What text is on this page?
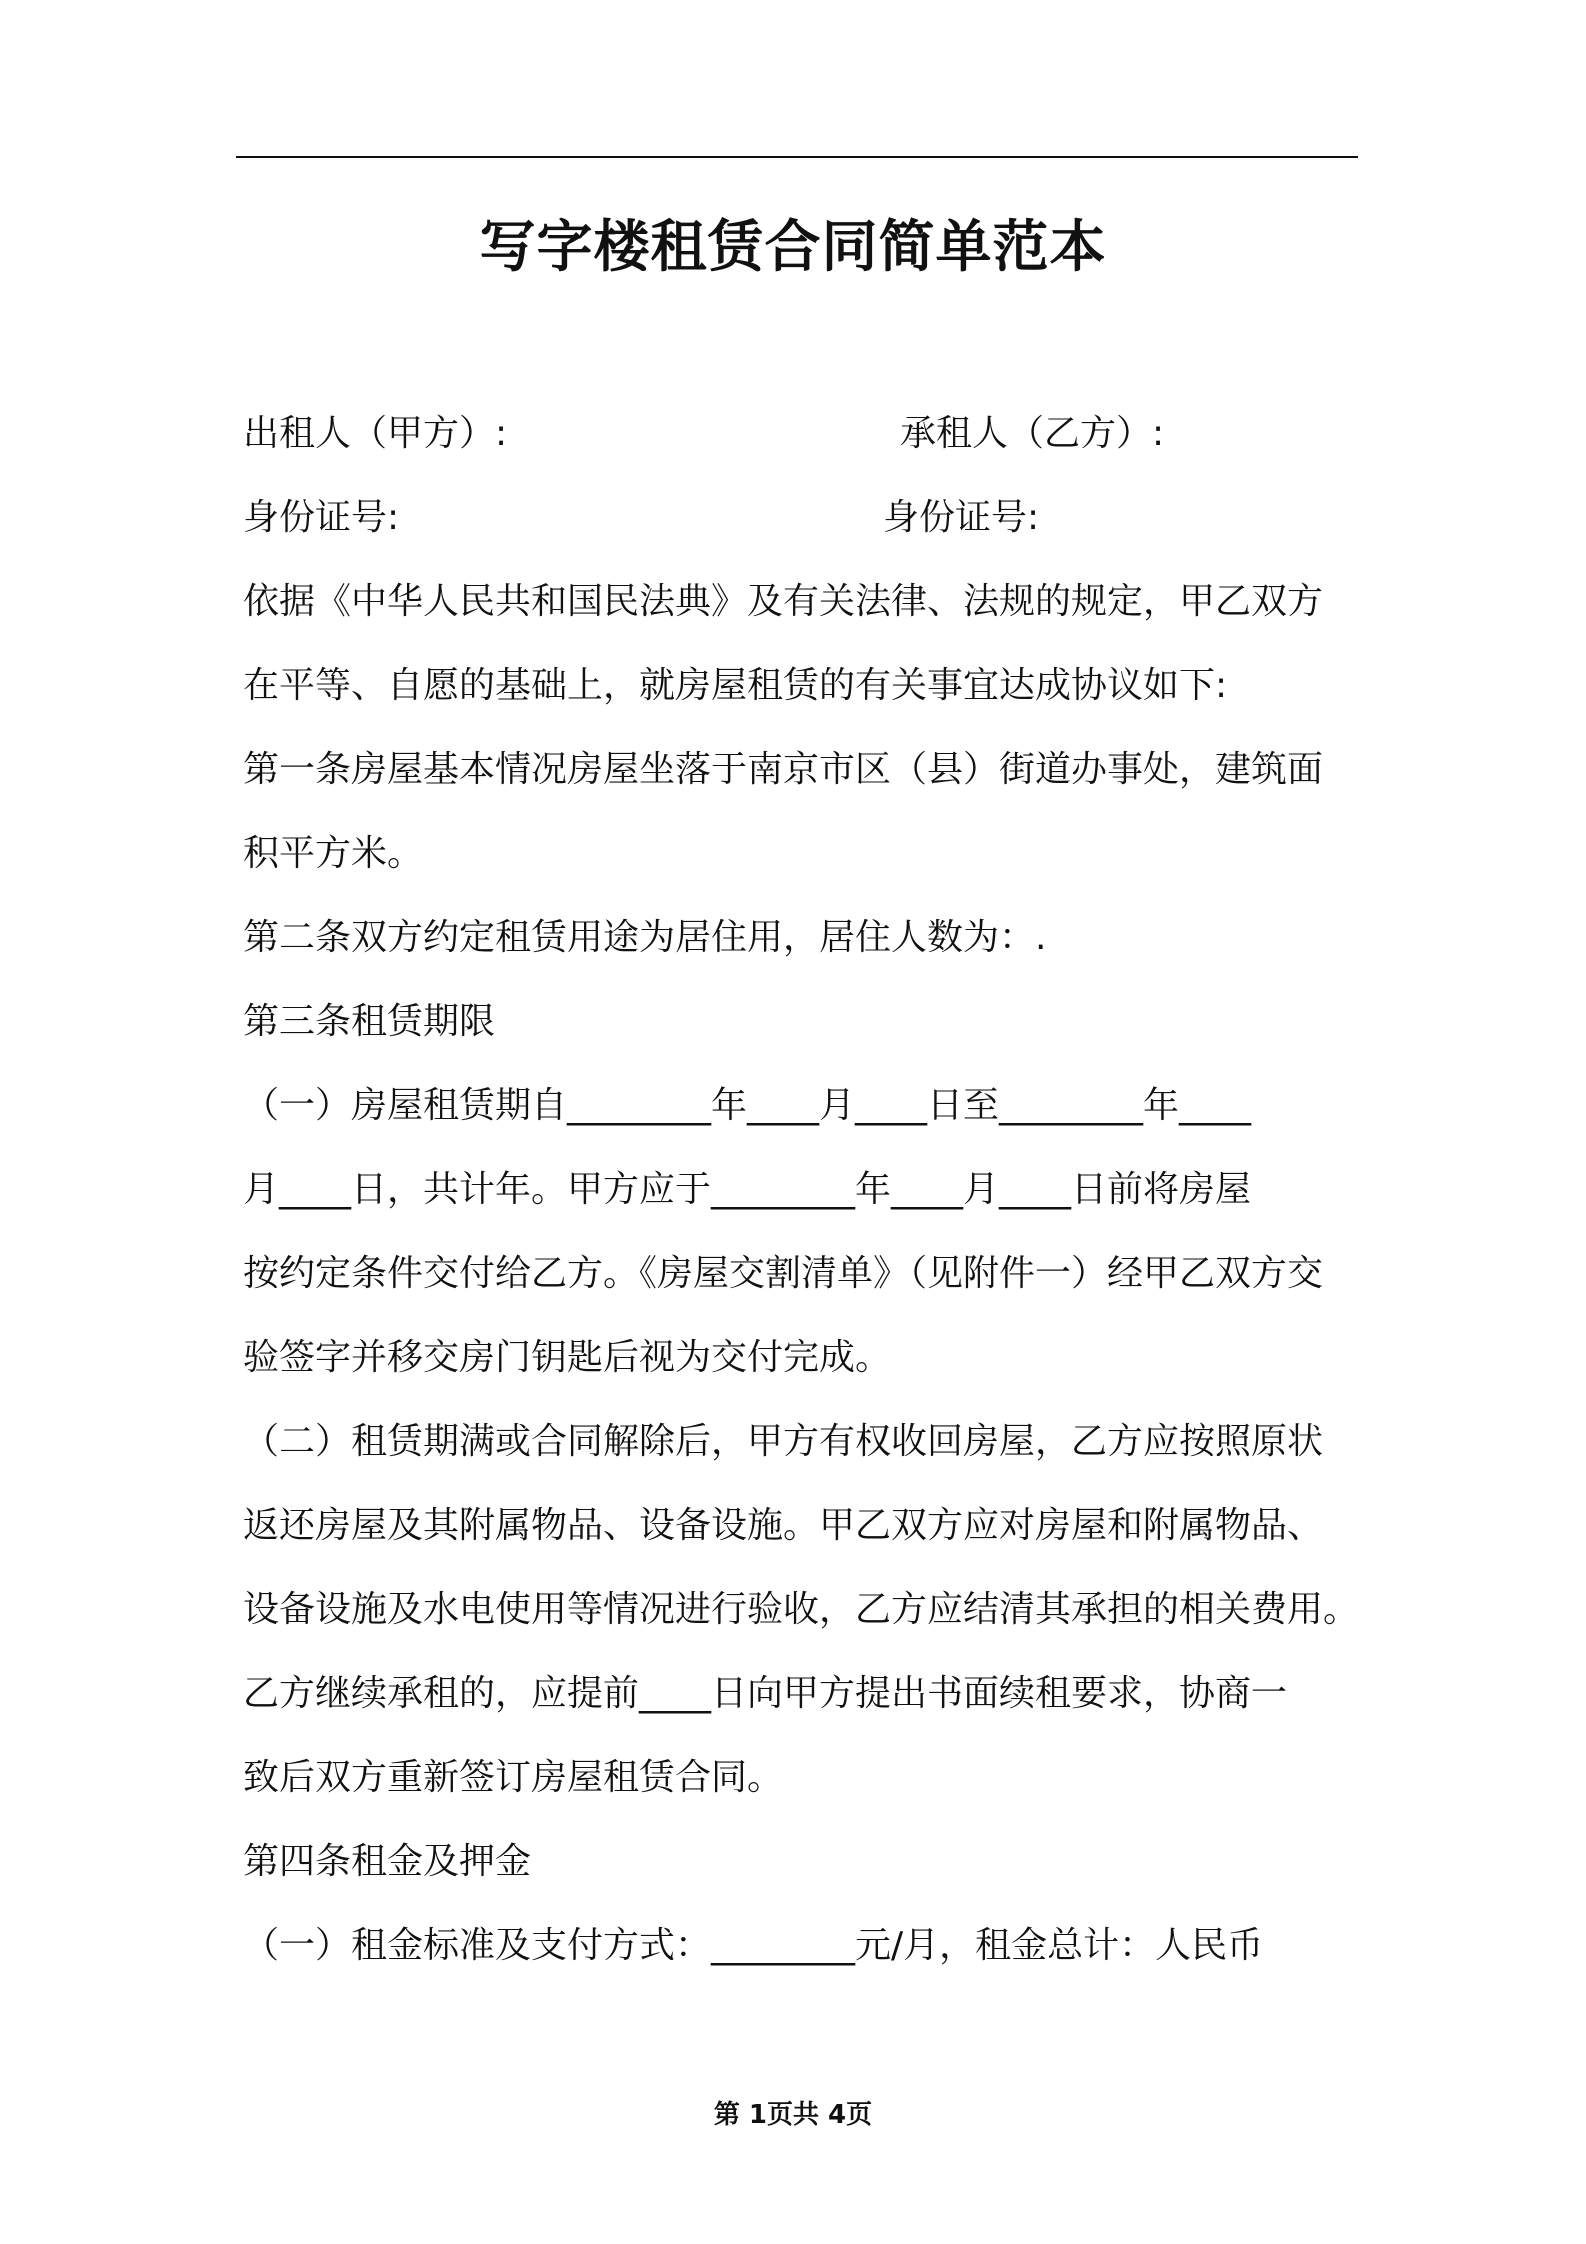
写字楼租赁合同简单范本
出租人（甲方）:	承租人（乙方）:
身份证号:	身份证号:
依据《中华人民共和国民法典》及有关法律、法规的规定，甲乙双方
在平等、自愿的基础上，就房屋租赁的有关事宜达成协议如下:
第一条房屋基本情况房屋坐落于南京市区（县）街道办事处，建筑面
积平方米。
第二条双方约定租赁用途为居住用，居住人数为：.
第三条租赁期限
（一）房屋租赁期自________年____月____日至________年____
月____日，共计年。甲方应于________年____月____日前将房屋
按约定条件交付给乙方。《房屋交割清单》（见附件一）经甲乙双方交
验签字并移交房门钥匙后视为交付完成。
（二）租赁期满或合同解除后，甲方有权收回房屋，乙方应按照原状
返还房屋及其附属物品、设备设施。甲乙双方应对房屋和附属物品、
设备设施及水电使用等情况进行验收，乙方应结清其承担的相关费用。
乙方继续承租的，应提前____日向甲方提出书面续租要求，协商一
致后双方重新签订房屋租赁合同。
第四条租金及押金
（一）租金标准及支付方式：________元/月，租金总计：人民币
第 1页共 4页
